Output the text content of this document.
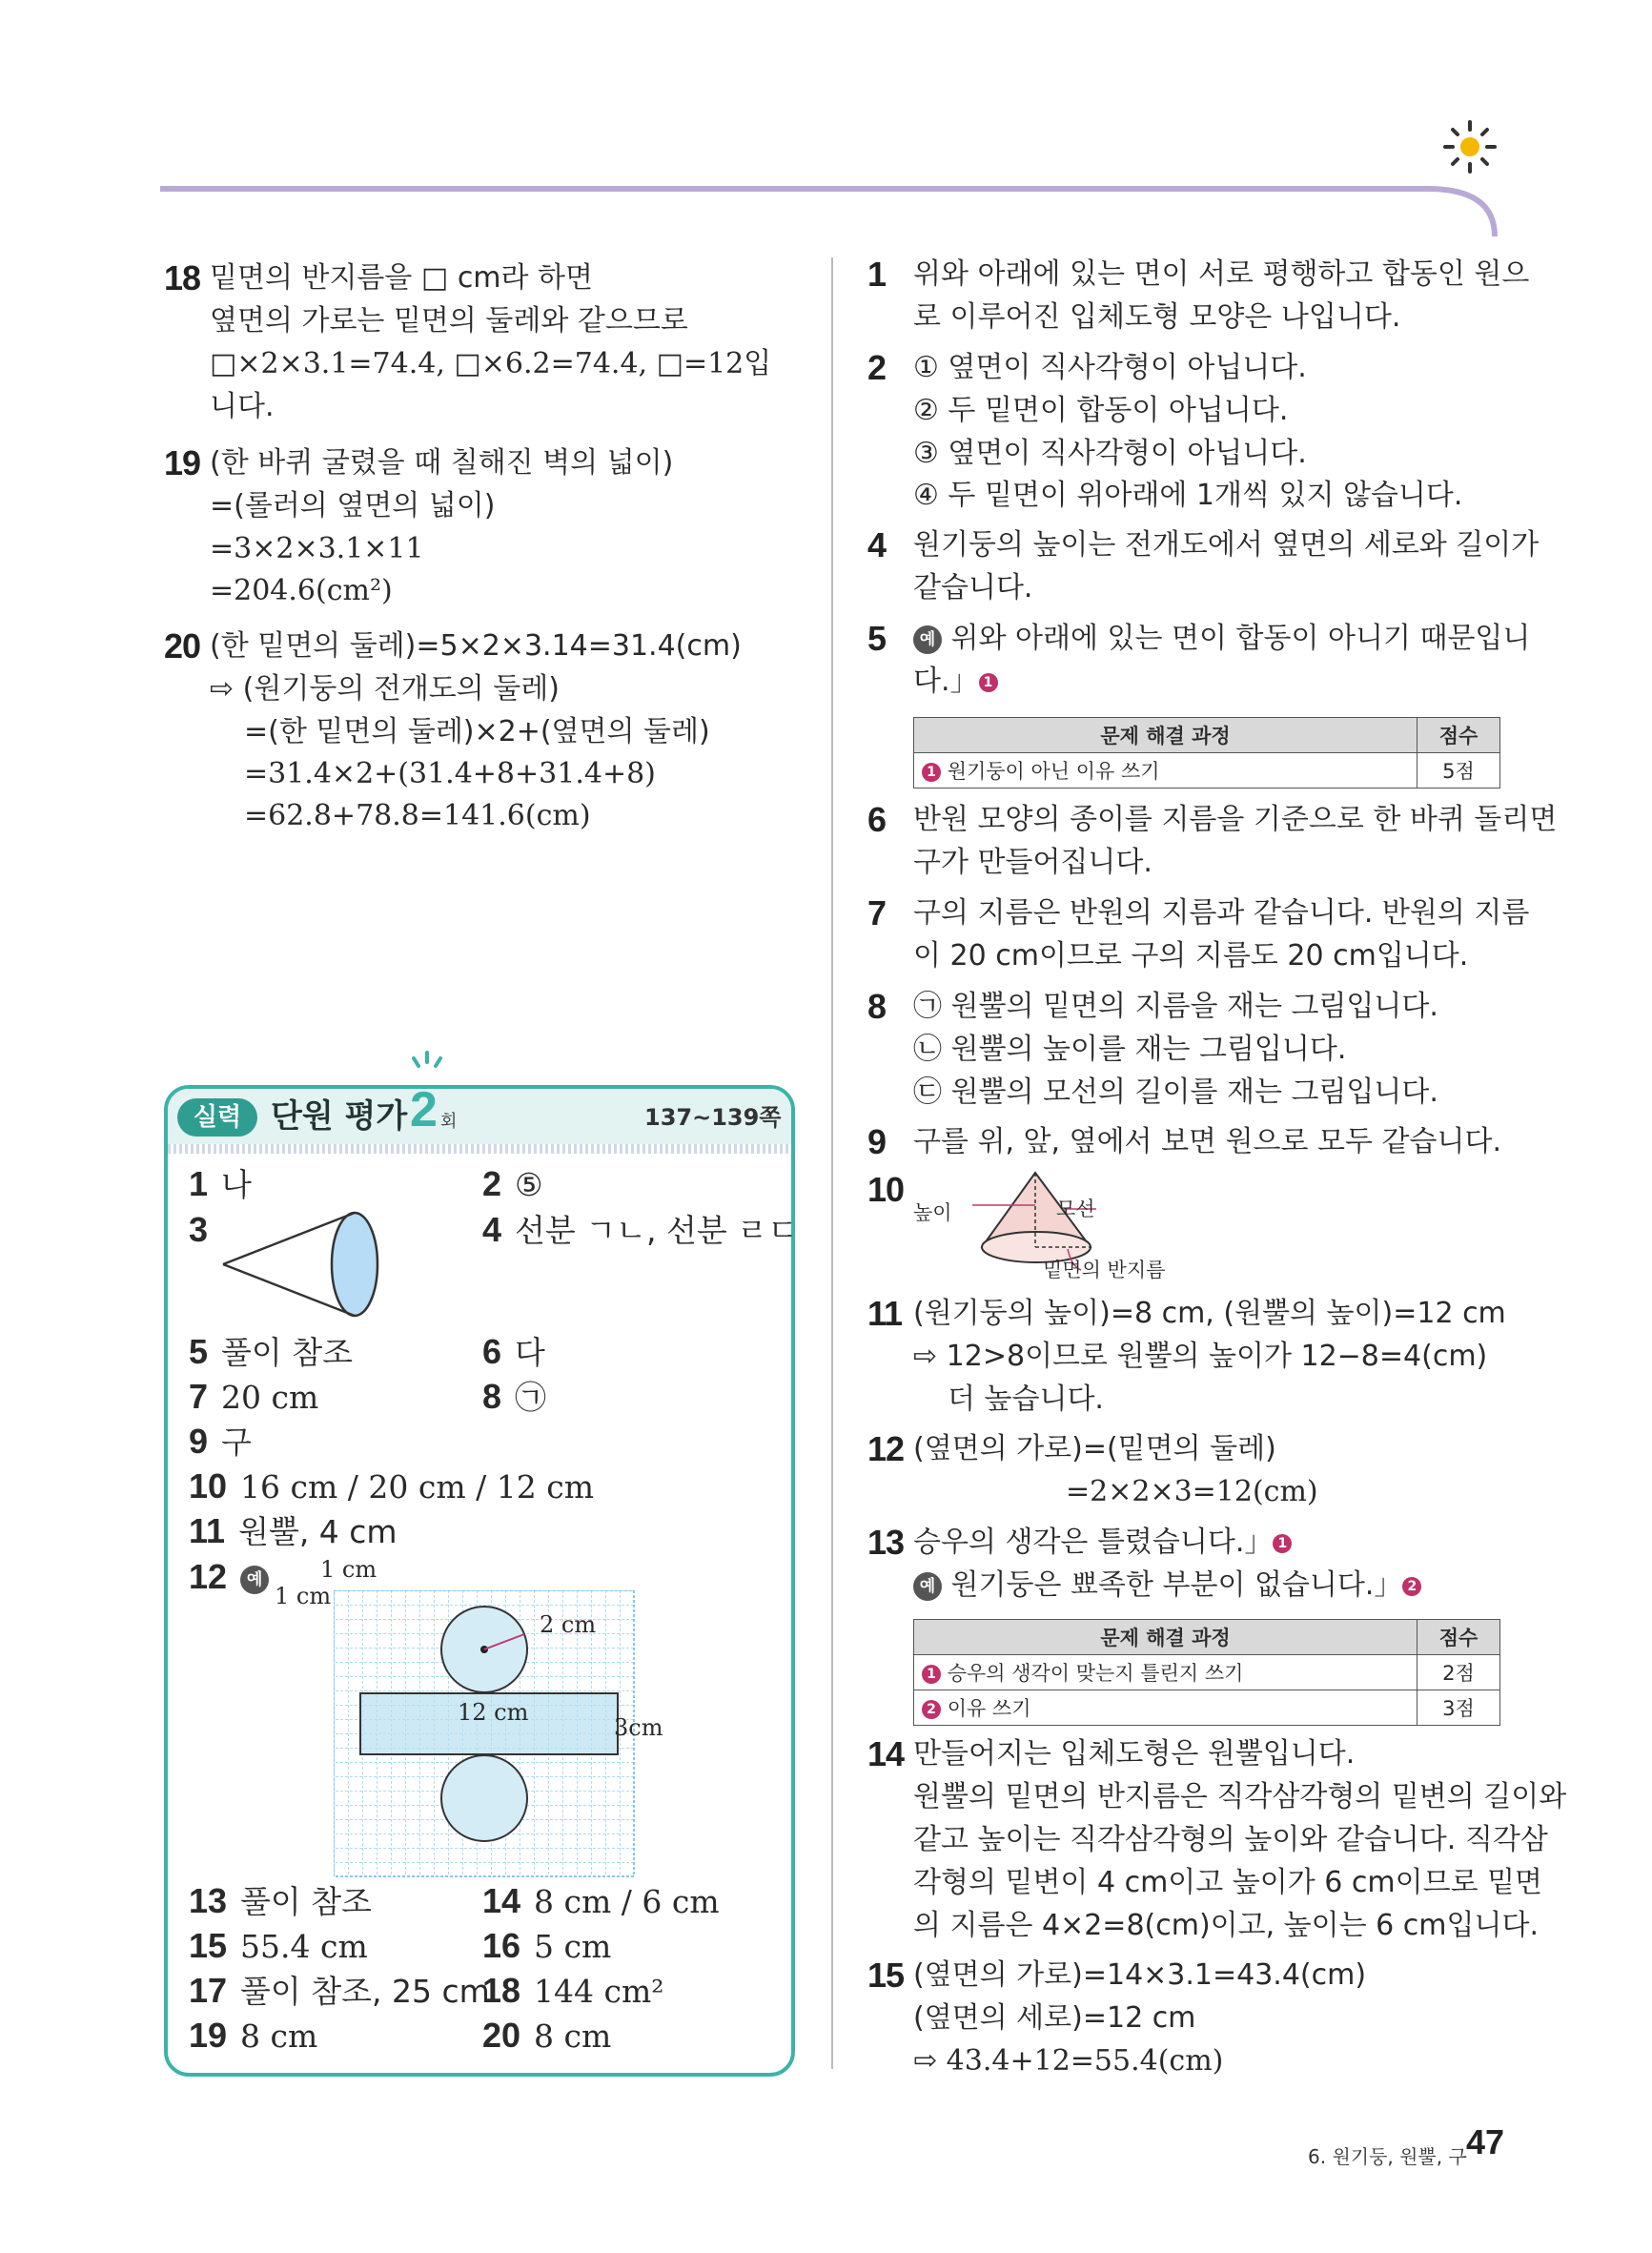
18 밑면의 반지름을 □ cm라 하면
옆면의 가로는 밑면의 둘레와 같으므로
□×2×3.1=74.4, □×6.2=74.4, □=12입
니다.
19 (한 바퀴 굴렸을 때 칠해진 벽의 넓이)
=(롤러의 옆면의 넓이)
=3×2×3.1×11
=204.6(cm²)
20 (한 밑면의 둘레)=5×2×3.14=31.4(cm)
⇨ (원기둥의 전개도의 둘레)
=(한 밑면의 둘레)×2+(옆면의 둘레)
=31.4×2+(31.4+8+31.4+8)
=62.8+78.8=141.6(cm)
실력 단원 평가 2 회	137~139쪽
1 나	2 ⑤
3	4 선분 ㄱㄴ, 선분 ㄹㄷ
5 풀이 참조	6 다
7 20 cm	8 ㉠
9 구
10 16 cm / 20 cm / 12 cm
11 원뿔, 4 cm
12 예	1 cm
1 cm
2 cm
12 cm
3cm
13 풀이 참조	14 8 cm / 6 cm
15 55.4 cm	16 5 cm
17 풀이 참조, 25 cm
18 144 cm²
19 8 cm	20 8 cm
1 위와 아래에 있는 면이 서로 평행하고 합동인 원으
로 이루어진 입체도형 모양은 나입니다.
2 ① 옆면이 직사각형이 아닙니다.
② 두 밑면이 합동이 아닙니다.
③ 옆면이 직사각형이 아닙니다.
④ 두 밑면이 위아래에 1개씩 있지 않습니다.
4 원기둥의 높이는 전개도에서 옆면의 세로와 길이가
같습니다.
5	예 위와 아래에 있는 면이 합동이 아니기 때문입니
다.」 1
문제 해결 과정	점수
1 원기둥이 아닌 이유 쓰기	5점
6 반원 모양의 종이를 지름을 기준으로 한 바퀴 돌리면
구가 만들어집니다.
7 구의 지름은 반원의 지름과 같습니다. 반원의 지름
이 20 cm이므로 구의 지름도 20 cm입니다.
8 ㉠ 원뿔의 밑면의 지름을 재는 그림입니다.
㉡ 원뿔의 높이를 재는 그림입니다.
㉢ 원뿔의 모선의 길이를 재는 그림입니다.
9 구를 위, 앞, 옆에서 보면 원으로 모두 같습니다.
10
높이	모선
밑면의 반지름
11 (원기둥의 높이)=8 cm, (원뿔의 높이)=12 cm
⇨ 12>8이므로 원뿔의 높이가 12−8=4(cm)
더 높습니다.
12 (옆면의 가로)=(밑면의 둘레)
=2×2×3=12(cm)
13 승우의 생각은 틀렸습니다.」 1
예 원기둥은 뾰족한 부분이 없습니다.」 2
문제 해결 과정	점수
1 승우의 생각이 맞는지 틀린지 쓰기	2점
2 이유 쓰기	3점
14 만들어지는 입체도형은 원뿔입니다.
원뿔의 밑면의 반지름은 직각삼각형의 밑변의 길이와
같고 높이는 직각삼각형의 높이와 같습니다. 직각삼
각형의 밑변이 4 cm이고 높이가 6 cm이므로 밑면
의 지름은 4×2=8(cm)이고, 높이는 6 cm입니다.
15 (옆면의 가로)=14×3.1=43.4(cm)
(옆면의 세로)=12 cm
⇨ 43.4+12=55.4(cm)
6. 원기둥, 원뿔, 구 47
